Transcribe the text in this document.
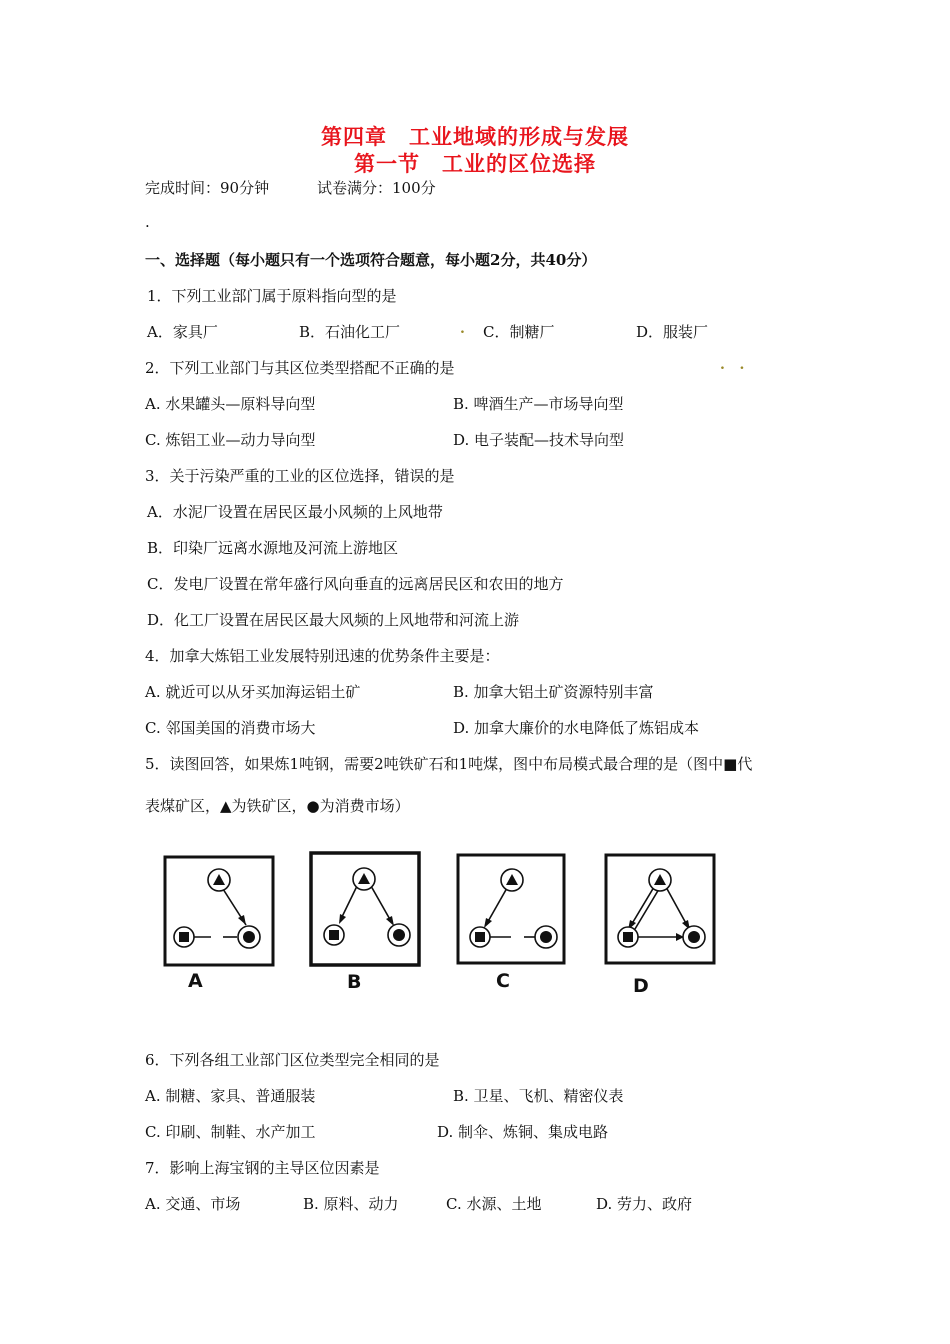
第四章　工业地域的形成与发展
第一节　工业的区位选择
完成时间：90分钟	试卷满分：100分
.
一、选择题（每小题只有一个选项符合题意，每小题2分，共40分）
1．下列工业部门属于原料指向型的是
A．家具厂	B．石油化工厂	. C．制糖厂	D．服装厂
2．下列工业部门与其区位类型搭配不正确的是	.   .
A. 水果罐头—原料导向型	B. 啤酒生产—市场导向型
C. 炼铝工业—动力导向型	D. 电子装配—技术导向型
3．关于污染严重的工业的区位选择，错误的是
A．水泥厂设置在居民区最小风频的上风地带
B．印染厂远离水源地及河流上游地区
C．发电厂设置在常年盛行风向垂直的远离居民区和农田的地方
D．化工厂设置在居民区最大风频的上风地带和河流上游
4．加拿大炼铝工业发展特别迅速的优势条件主要是：
A. 就近可以从牙买加海运铝土矿	B. 加拿大铝土矿资源特别丰富
C. 邻国美国的消费市场大	D. 加拿大廉价的水电降低了炼铝成本
5．读图回答，如果炼1吨钢，需要2吨铁矿石和1吨煤，图中布局模式最合理的是（图中■代
表煤矿区，▲为铁矿区，●为消费市场）
A	B	C	D
6．下列各组工业部门区位类型完全相同的是
A. 制糖、家具、普通服装	B. 卫星、飞机、精密仪表
C. 印刷、制鞋、水产加工	D. 制伞、炼铜、集成电路
7．影响上海宝钢的主导区位因素是
A. 交通、市场	B. 原料、动力	C. 水源、土地	D. 劳力、政府
